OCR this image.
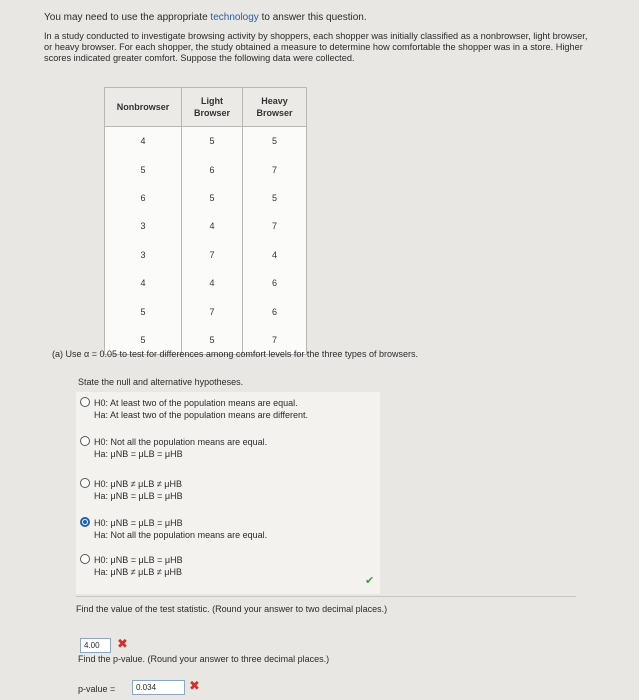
You may need to use the appropriate technology to answer this question.
In a study conducted to investigate browsing activity by shoppers, each shopper was initially classified as a nonbrowser, light browser, or heavy browser. For each shopper, the study obtained a measure to determine how comfortable the shopper was in a store. Higher scores indicated greater comfort. Suppose the following data were collected.
Nonbrowser	Light Browser	Heavy Browser
4	5	5
5	6	7
6	5	5
3	4	7
3	7	4
4	4	6
5	7	6
5	5	7
(a) Use α = 0.05 to test for differences among comfort levels for the three types of browsers.
State the null and alternative hypotheses.
H0: At least two of the population means are equal.
Ha: At least two of the population means are different.
H0: Not all the population means are equal.
Ha: μNB = μLB = μHB
H0: μNB ≠ μLB ≠ μHB
Ha: μNB = μLB = μHB
H0: μNB = μLB = μHB
Ha: Not all the population means are equal.
H0: μNB = μLB = μHB
Ha: μNB ≠ μLB ≠ μHB
✔
Find the value of the test statistic. (Round your answer to two decimal places.)
4.00	✖
Find the p-value. (Round your answer to three decimal places.)
p-value =	0.034	✖
